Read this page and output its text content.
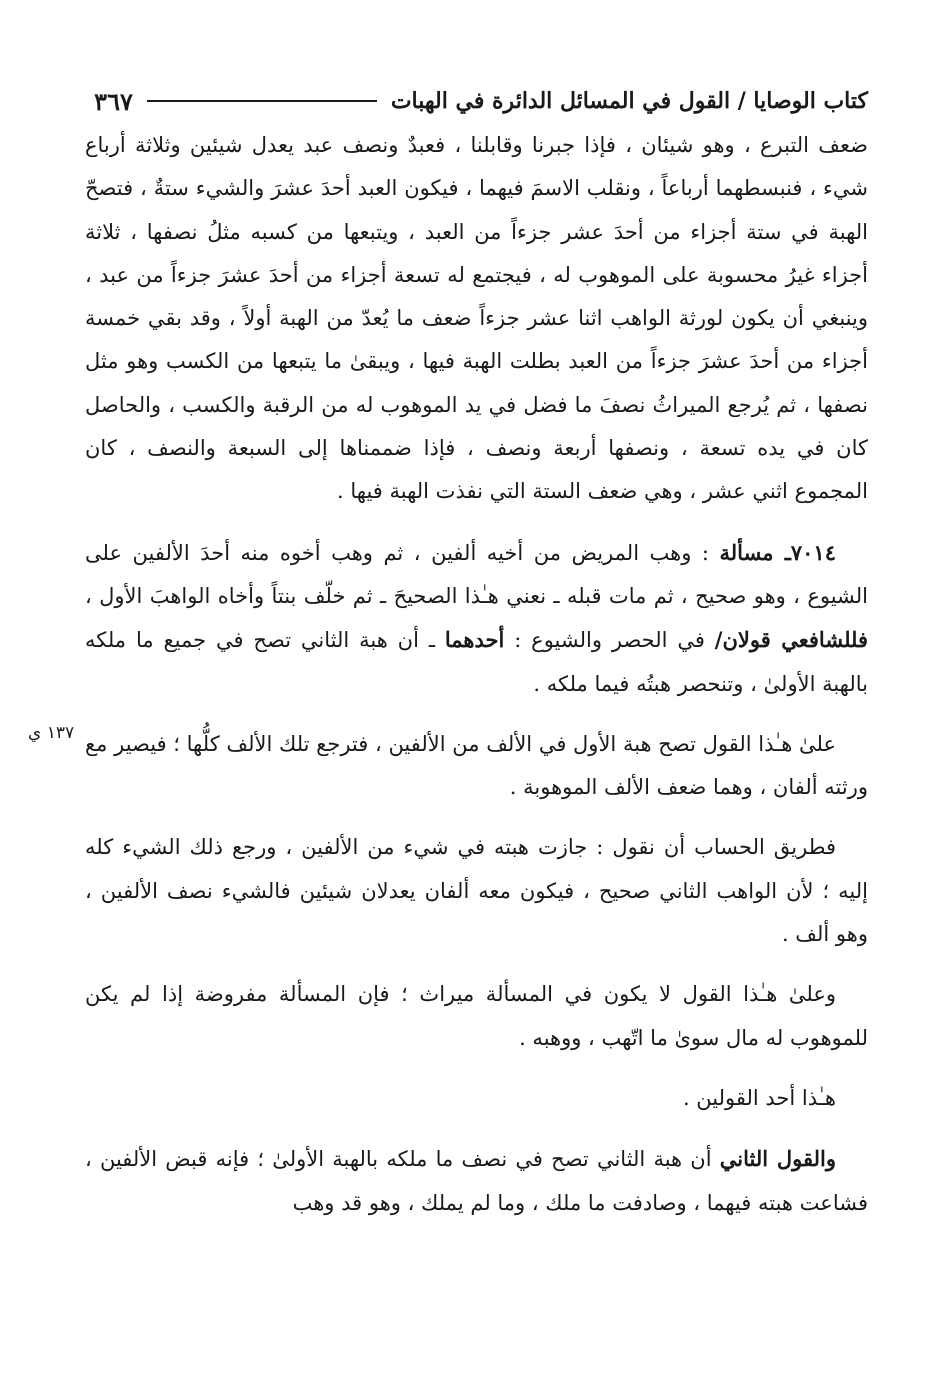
كتاب الوصايا / القول في المسائل الدائرة في الهبات
٣٦٧
١٣٧ ي

ضعف التبرع ، وهو شيئان ، فإذا جبرنا وقابلنا ، فعبدٌ ونصف عبد يعدل شيئين وثلاثة أرباع شيء ، فنبسطهما أرباعاً ، ونقلب الاسمَ فيهما ، فيكون العبد أحدَ عشرَ والشيء ستةٌ ، فتصحّ الهبة في ستة أجزاء من أحدَ عشر جزءاً من العبد ، ويتبعها من كسبه مثلُ نصفها ، ثلاثة أجزاء غيرُ محسوبة على الموهوب له ، فيجتمع له تسعة أجزاء من أحدَ عشرَ جزءاً من عبد ، وينبغي أن يكون لورثة الواهب اثنا عشر جزءاً ضعف ما يُعدّ من الهبة أولاً ، وقد بقي خمسة أجزاء من أحدَ عشرَ جزءاً من العبد بطلت الهبة فيها ، ويبقىٰ ما يتبعها من الكسب وهو مثل نصفها ، ثم يُرجع الميراثُ نصفَ ما فضل في يد الموهوب له من الرقبة والكسب ، والحاصل كان في يده تسعة ، ونصفها أربعة ونصف ، فإذا ضممناها إلى السبعة والنصف ، كان المجموع اثني عشر ، وهي ضعف الستة التي نفذت الهبة فيها .

٧٠١٤ـ مسألة : وهب المريض من أخيه ألفين ، ثم وهب أخوه منه أحدَ الألفين على الشيوع ، وهو صحيح ، ثم مات قبله ـ نعني هـٰذا الصحيحَ ـ ثم خلّف بنتاً وأخاه الواهبَ الأول ، فللشافعي قولان/ في الحصر والشيوع : أحدهما ـ أن هبة الثاني تصح في جميع ما ملكه بالهبة الأولىٰ ، وتنحصر هبتُه فيما ملكه .

علىٰ هـٰذا القول تصح هبة الأول في الألف من الألفين ، فترجع تلك الألف كلُّها ؛ فيصير مع ورثته ألفان ، وهما ضعف الألف الموهوبة .

فطريق الحساب أن نقول : جازت هبته في شيء من الألفين ، ورجع ذلك الشيء كله إليه ؛ لأن الواهب الثاني صحيح ، فيكون معه ألفان يعدلان شيئين فالشيء نصف الألفين ، وهو ألف .

وعلىٰ هـٰذا القول لا يكون في المسألة ميراث ؛ فإن المسألة مفروضة إذا لم يكن للموهوب له مال سوىٰ ما اتّهب ، ووهبه .

هـٰذا أحد القولين .

والقول الثاني أن هبة الثاني تصح في نصف ما ملكه بالهبة الأولىٰ ؛ فإنه قبض الألفين ، فشاعت هبته فيهما ، وصادفت ما ملك ، وما لم يملك ، وهو قد وهب
